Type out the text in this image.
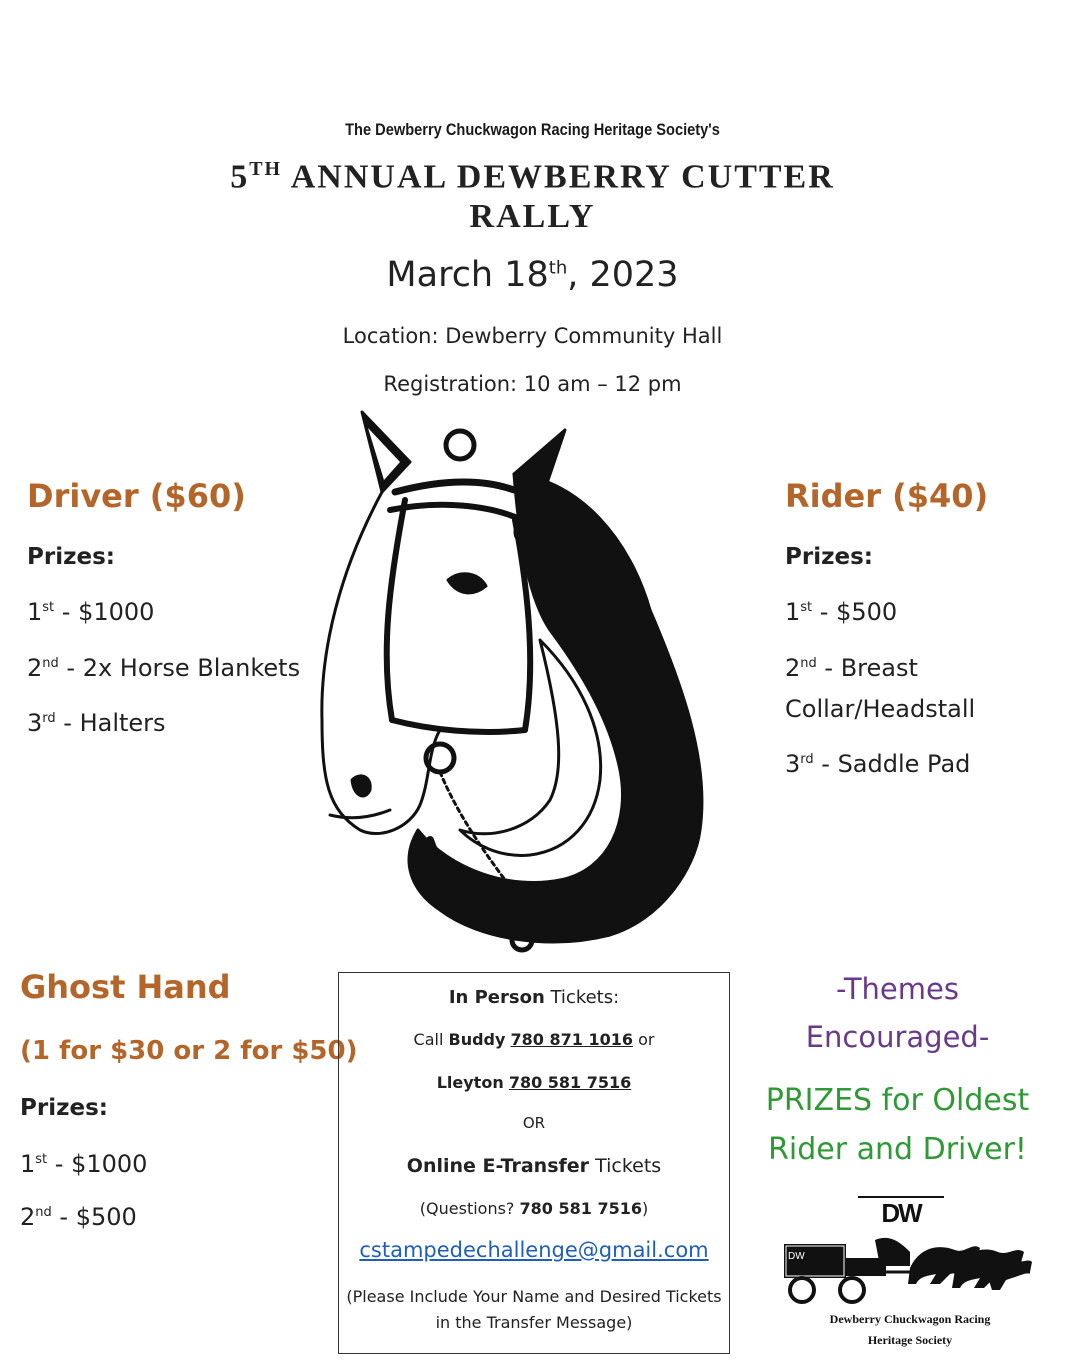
The Dewberry Chuckwagon Racing Heritage Society's
5TH ANNUAL DEWBERRY CUTTER
RALLY
March 18th, 2023
Location: Dewberry Community Hall
Registration: 10 am – 12 pm
Driver ($60)
Prizes:
1st - $1000
2nd - 2x Horse Blankets
3rd - Halters
Rider ($40)
Prizes:
1st - $500
2nd - Breast
Collar/Headstall
3rd - Saddle Pad
Ghost Hand
(1 for $30 or 2 for $50)
Prizes:
1st - $1000
2nd - $500
In Person Tickets:
Call Buddy 780 871 1016 or
Lleyton 780 581 7516
OR
Online E-Transfer Tickets
(Questions? 780 581 7516)
cstampedechallenge@gmail.com
(Please Include Your Name and Desired Tickets
in the Transfer Message)
-Themes
Encouraged-
PRIZES for Oldest
Rider and Driver!
DW
DW
Dewberry Chuckwagon Racing
Heritage Society
